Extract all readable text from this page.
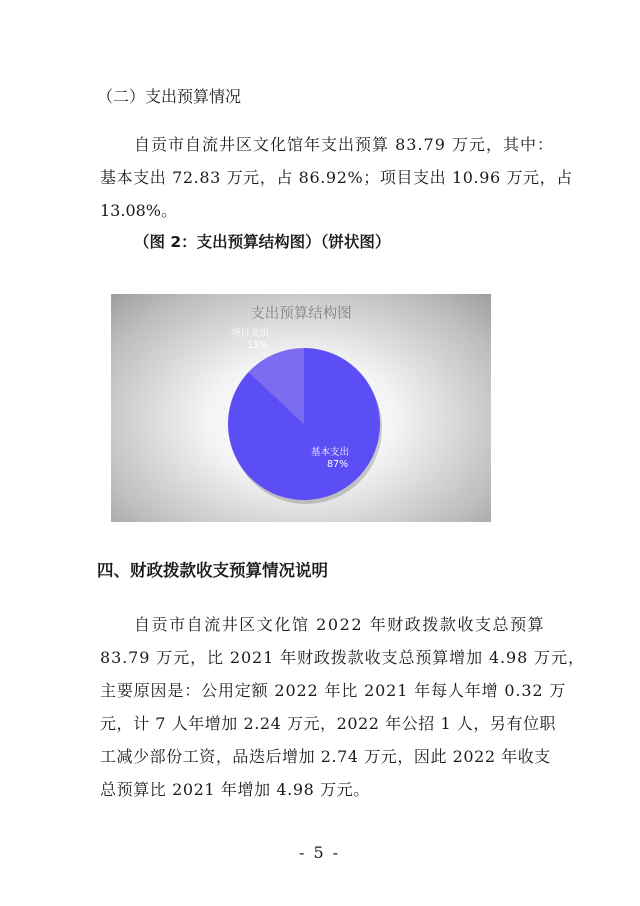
（二）支出预算情况
自贡市自流井区文化馆年支出预算 83.79 万元，其中：
基本支出 72.83 万元，占 86.92%；项目支出 10.96 万元，占
13.08%。
（图 2：支出预算结构图）（饼状图）
支出预算结构图
项目支出
13%
基本支出
87%
四、财政拨款收支预算情况说明
自贡市自流井区文化馆 2022 年财政拨款收支总预算
83.79 万元，比 2021 年财政拨款收支总预算增加 4.98 万元，
主要原因是：公用定额 2022 年比 2021 年每人年增 0.32 万
元，计 7 人年增加 2.24 万元，2022 年公招 1 人，另有位职
工减少部份工资，品迭后增加 2.74 万元，因此 2022 年收支
总预算比 2021 年增加 4.98 万元。
- 5 -
